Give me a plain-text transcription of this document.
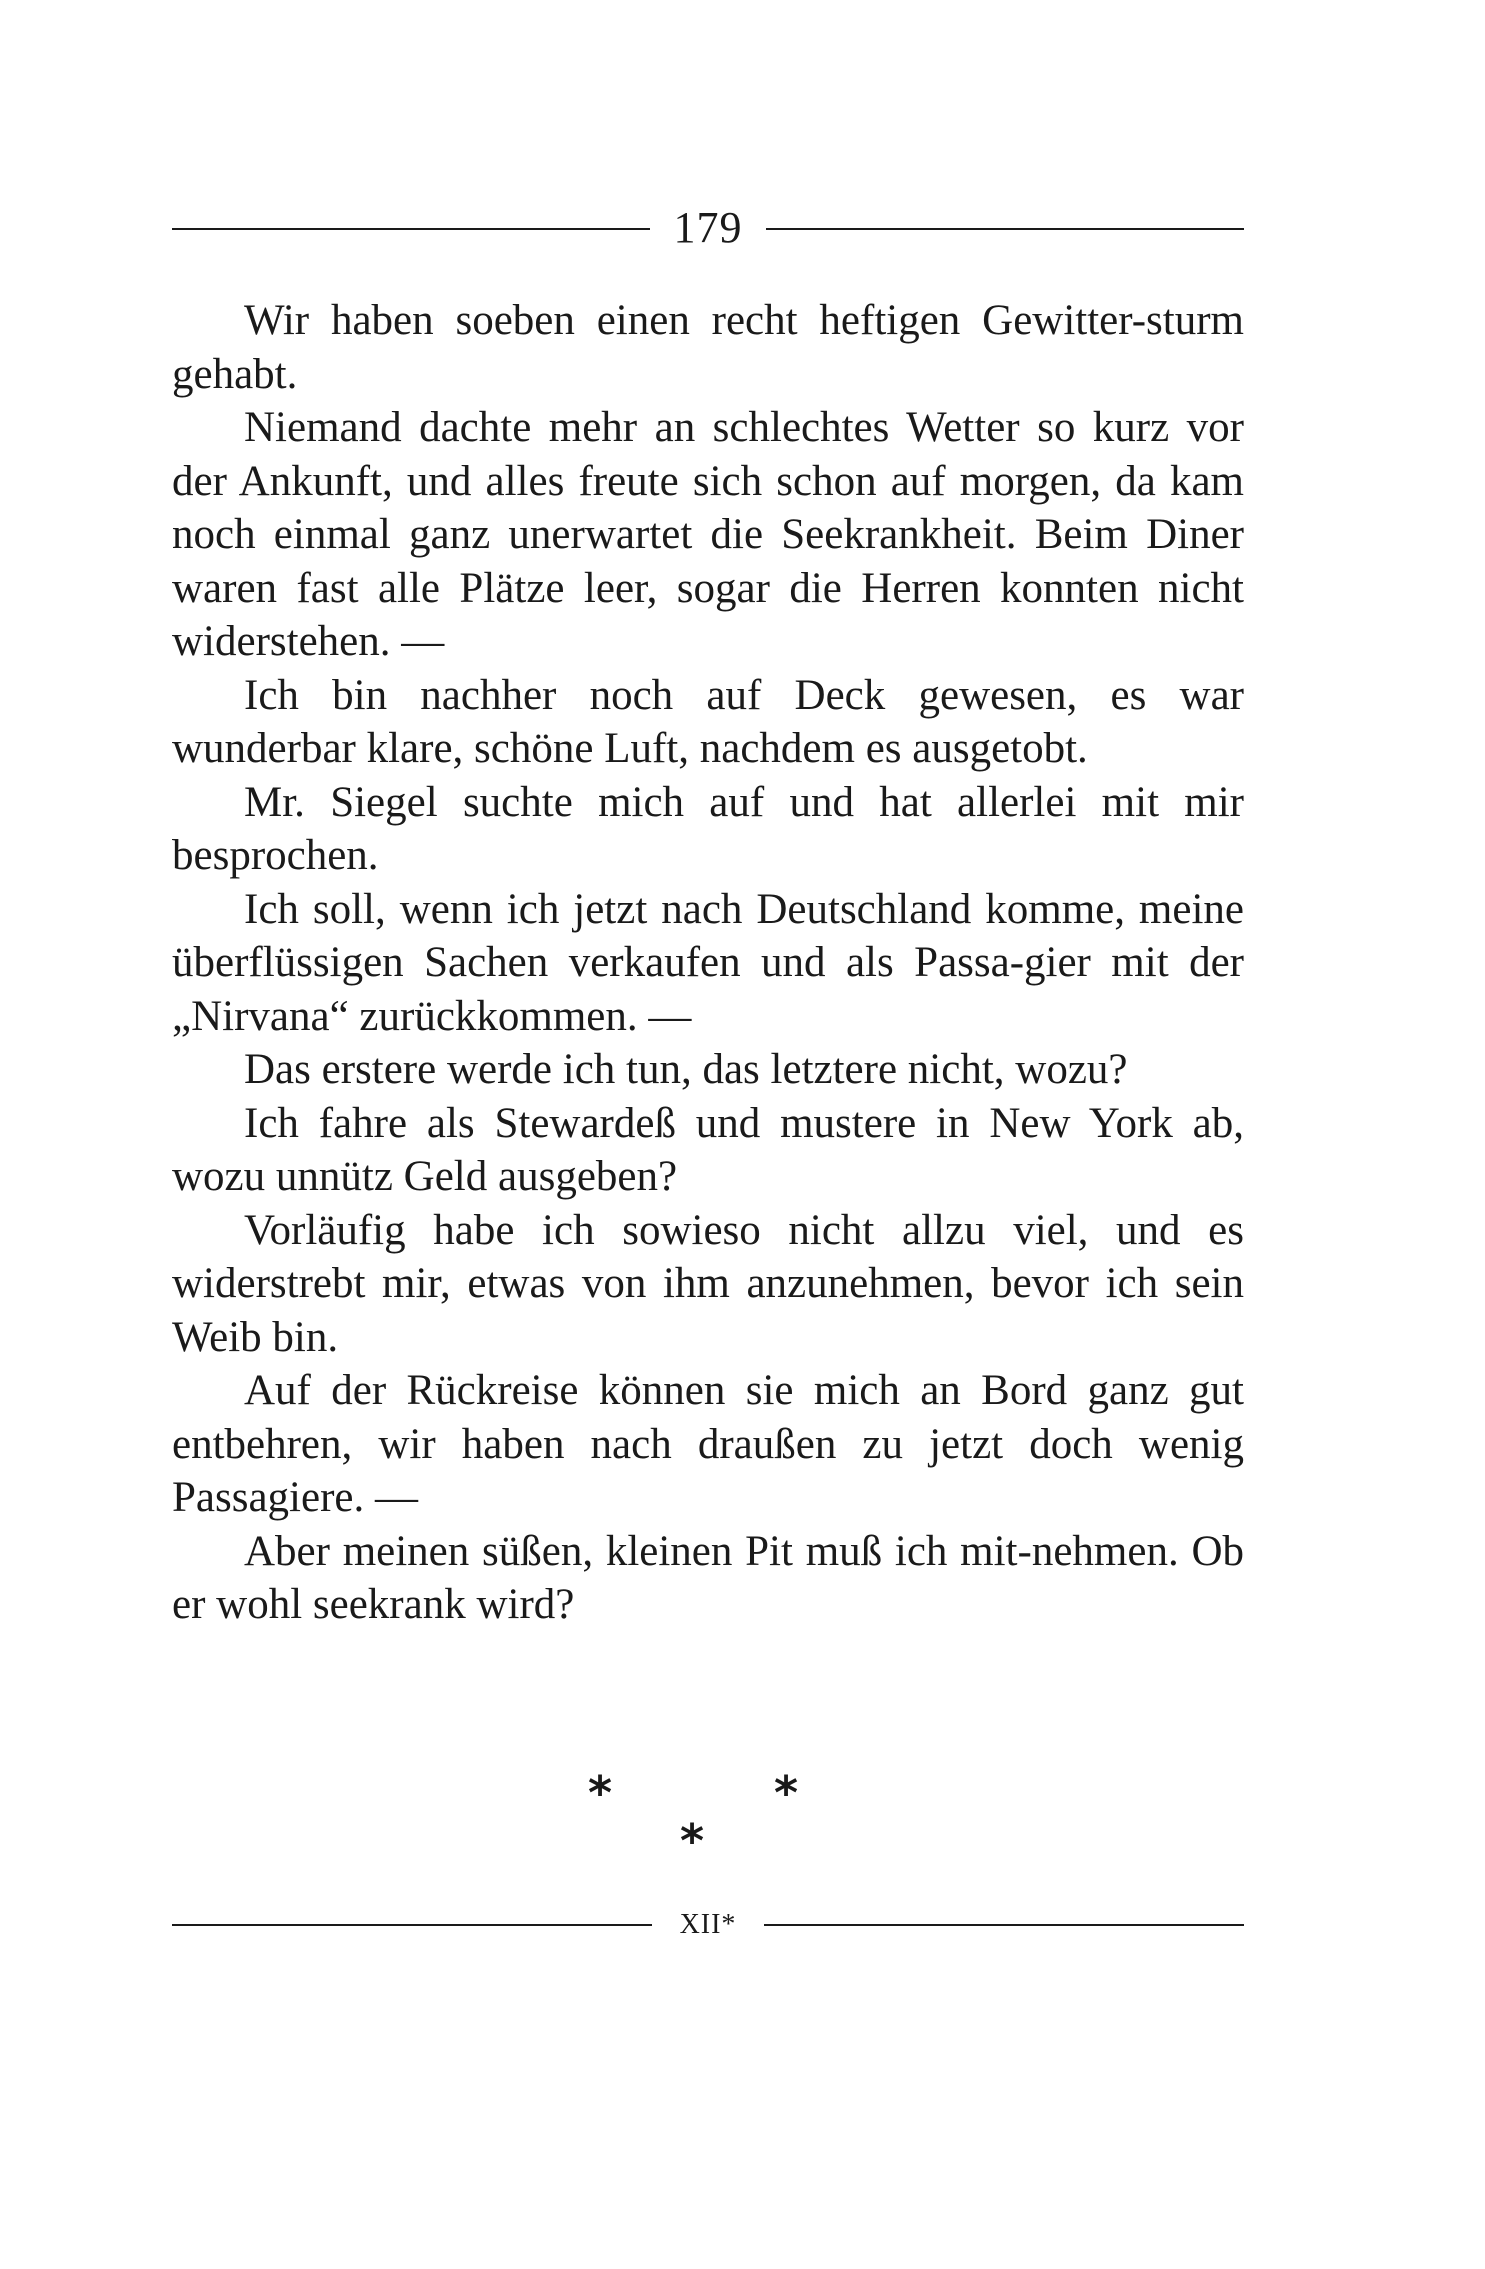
179

Wir haben soeben einen recht heftigen Gewitter-sturm gehabt.

Niemand dachte mehr an schlechtes Wetter so kurz vor der Ankunft, und alles freute sich schon auf morgen, da kam noch einmal ganz unerwartet die Seekrankheit. Beim Diner waren fast alle Plätze leer, sogar die Herren konnten nicht widerstehen. —

Ich bin nachher noch auf Deck gewesen, es war wunderbar klare, schöne Luft, nachdem es ausgetobt.

Mr. Siegel suchte mich auf und hat allerlei mit mir besprochen.

Ich soll, wenn ich jetzt nach Deutschland komme, meine überflüssigen Sachen verkaufen und als Passa-gier mit der „Nirvana“ zurückkommen. —

Das erstere werde ich tun, das letztere nicht, wozu?

Ich fahre als Stewardeß und mustere in New York ab, wozu unnütz Geld ausgeben?

Vorläufig habe ich sowieso nicht allzu viel, und es widerstrebt mir, etwas von ihm anzunehmen, bevor ich sein Weib bin.

Auf der Rückreise können sie mich an Bord ganz gut entbehren, wir haben nach draußen zu jetzt doch wenig Passagiere. —

Aber meinen süßen, kleinen Pit muß ich mit-nehmen. Ob er wohl seekrank wird?

*	*
*
XII*
